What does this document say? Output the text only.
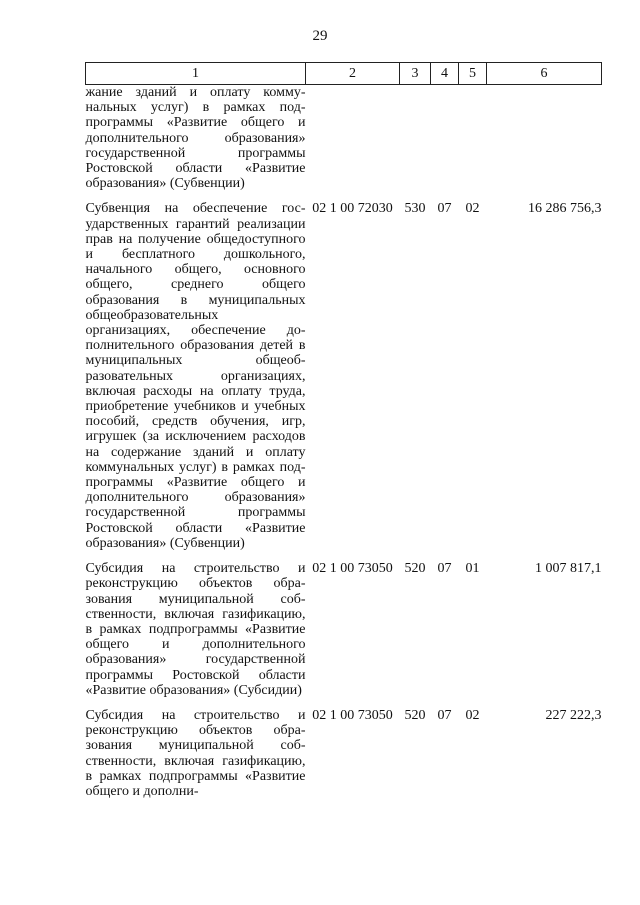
29
1	2	3	4	5	6

жание зданий и оплату коммунальных услуг) в рамках подпрограммы «Развитие общего и дополнительного образования» государственной программы Ростовской области «Развитие образования» (Субвенции)					

Субвенция на обеспечение государственных гарантий реализации прав на получение общедоступного и бесплатного дошкольного, начального общего, основного общего, среднего общего образования в муниципальных общеобразовательных организациях, обеспечение дополнительного образования детей в муниципальных общеобразовательных организациях, включая расходы на оплату труда, приобретение учебников и учебных пособий, средств обучения, игр, игрушек (за исключением расходов на содержание зданий и оплату коммунальных услуг) в рамках подпрограммы «Развитие общего и дополнительного образования» государственной программы Ростовской области «Развитие образования» (Субвенции)	02 1 00 72030	530	07	02	16 286 756,3

Субсидия на строительство и реконструкцию объектов образования муниципальной собственности, включая газификацию, в рамках подпрограммы «Развитие общего и дополнительного образования» государственной программы Ростовской области «Развитие образования» (Субсидии)	02 1 00 73050	520	07	01	1 007 817,1

Субсидия на строительство и реконструкцию объектов образования муниципальной собственности, включая газификацию, в рамках подпрограммы «Развитие общего и дополни-	02 1 00 73050	520	07	02	227 222,3
